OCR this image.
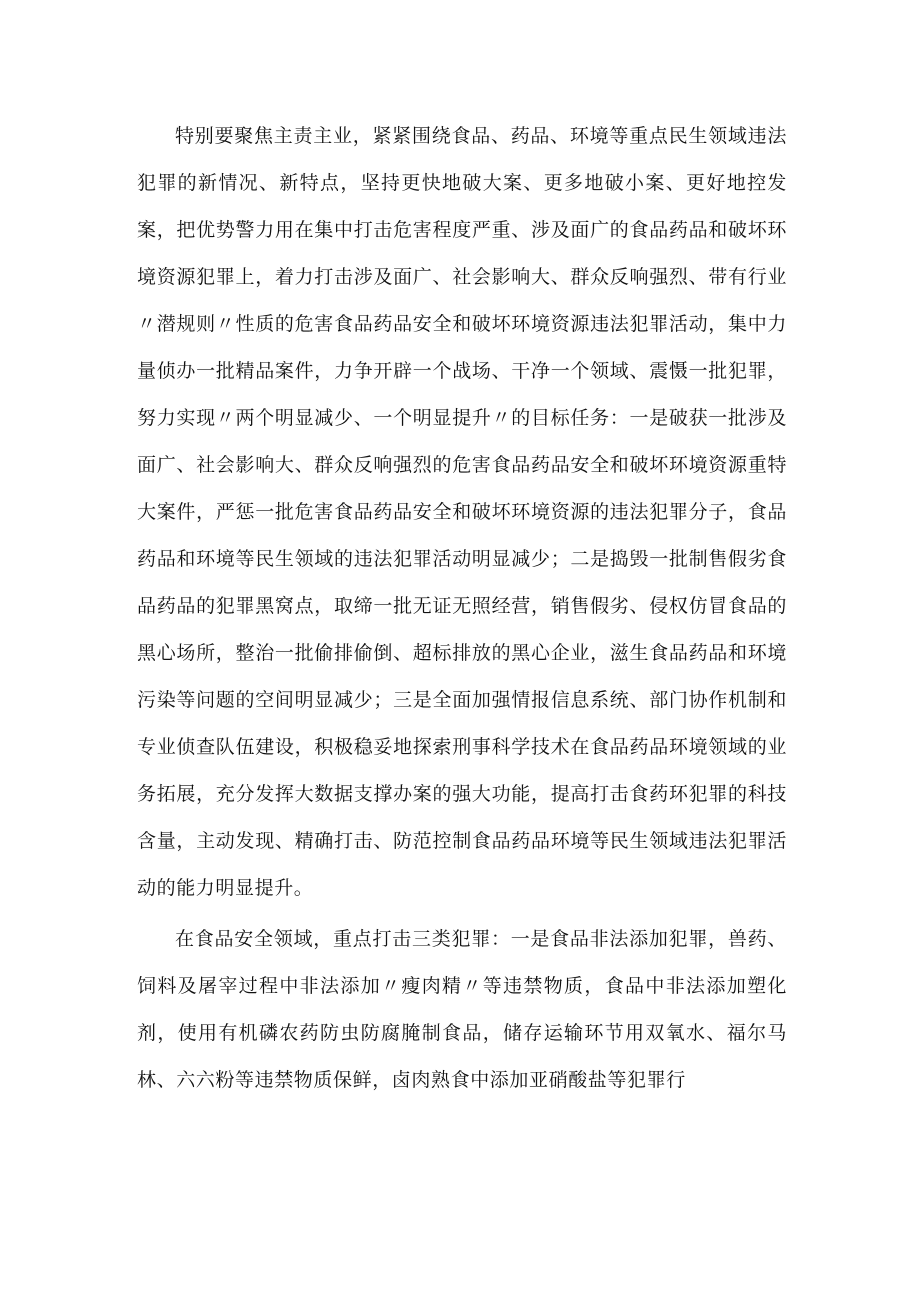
特别要聚焦主责主业，紧紧围绕食品、药品、环境等重点民生领域违法犯罪的新情况、新特点，坚持更快地破大案、更多地破小案、更好地控发案，把优势警力用在集中打击危害程度严重、涉及面广的食品药品和破坏环境资源犯罪上，着力打击涉及面广、社会影响大、群众反响强烈、带有行业〃潜规则〃性质的危害食品药品安全和破坏环境资源违法犯罪活动，集中力量侦办一批精品案件，力争开辟一个战场、干净一个领域、震慑一批犯罪，努力实现〃两个明显减少、一个明显提升〃的目标任务：一是破获一批涉及面广、社会影响大、群众反响强烈的危害食品药品安全和破坏环境资源重特大案件，严惩一批危害食品药品安全和破坏环境资源的违法犯罪分子，食品药品和环境等民生领域的违法犯罪活动明显减少；二是捣毁一批制售假劣食品药品的犯罪黑窝点，取缔一批无证无照经营，销售假劣、侵权仿冒食品的黑心场所，整治一批偷排偷倒、超标排放的黑心企业，滋生食品药品和环境污染等问题的空间明显减少；三是全面加强情报信息系统、部门协作机制和专业侦查队伍建设，积极稳妥地探索刑事科学技术在食品药品环境领域的业务拓展，充分发挥大数据支撑办案的强大功能，提高打击食药环犯罪的科技含量，主动发现、精确打击、防范控制食品药品环境等民生领域违法犯罪活动的能力明显提升。

在食品安全领域，重点打击三类犯罪：一是食品非法添加犯罪，兽药、饲料及屠宰过程中非法添加〃瘦肉精〃等违禁物质，食品中非法添加塑化剂，使用有机磷农药防虫防腐腌制食品，储存运输环节用双氧水、福尔马林、六六粉等违禁物质保鲜，卤肉熟食中添加亚硝酸盐等犯罪行
